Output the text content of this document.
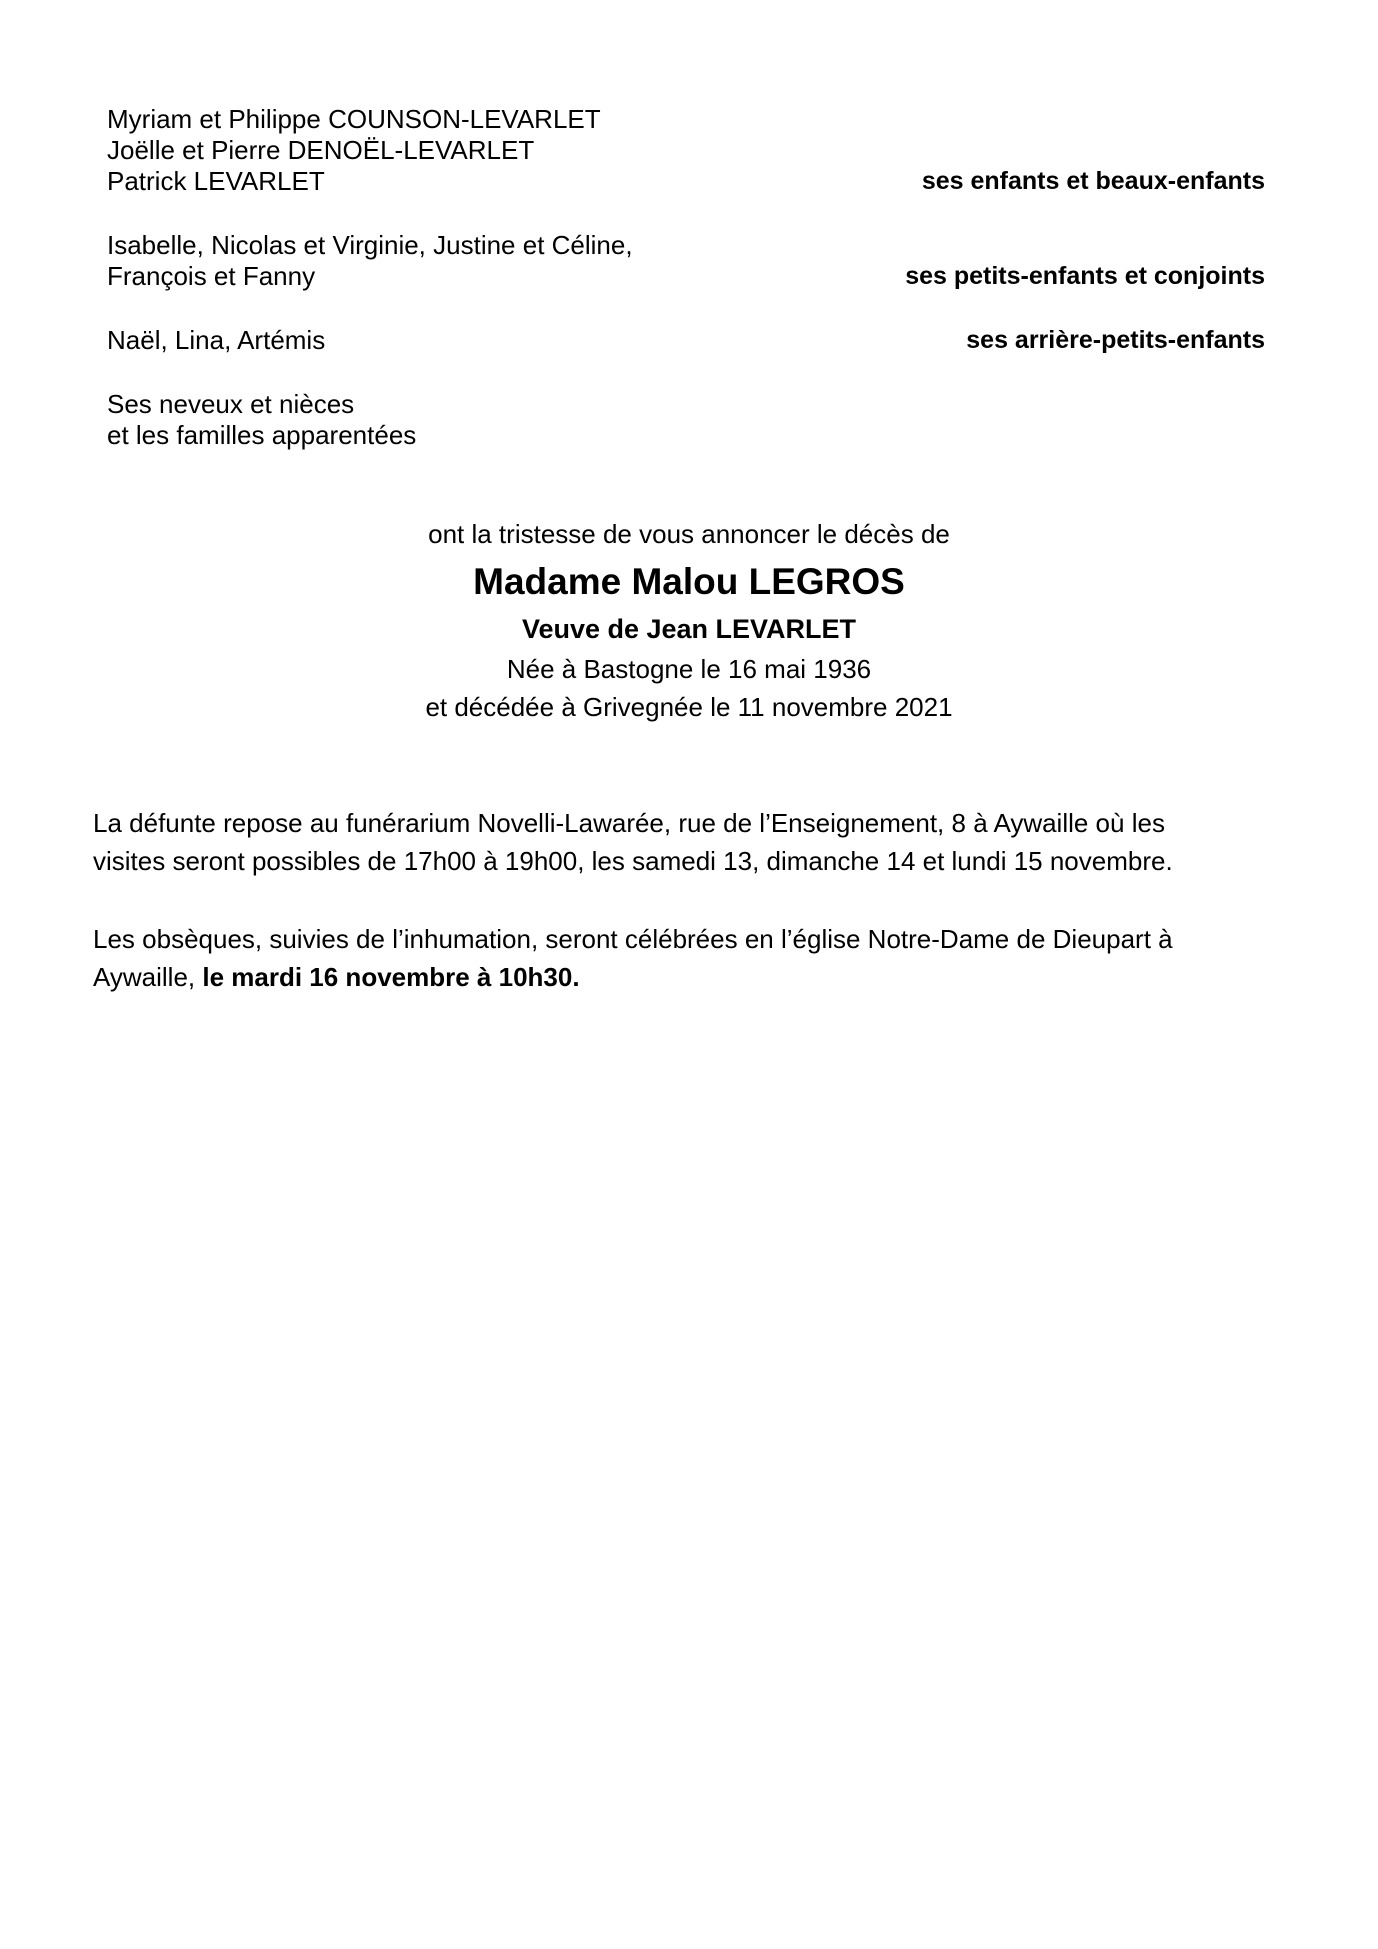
Myriam et Philippe COUNSON-LEVARLET
Joëlle et Pierre DENOËL-LEVARLET
Patrick LEVARLET	ses enfants et beaux-enfants
Isabelle, Nicolas et Virginie, Justine et Céline,
François et Fanny	ses petits-enfants et conjoints
Naël, Lina, Artémis	ses arrière-petits-enfants
Ses neveux et nièces
et les familles apparentées
ont la tristesse de vous annoncer le décès de
Madame Malou LEGROS
Veuve de Jean LEVARLET
Née à Bastogne le 16 mai 1936
et décédée à Grivegnée le 11 novembre 2021
La défunte repose au funérarium Novelli-Lawarée, rue de l’Enseignement, 8 à Aywaille où les
visites seront possibles de 17h00 à 19h00, les samedi 13, dimanche 14 et lundi 15 novembre.
Les obsèques, suivies de l’inhumation, seront célébrées en l’église Notre-Dame de Dieupart à
Aywaille, le mardi 16 novembre à 10h30.
